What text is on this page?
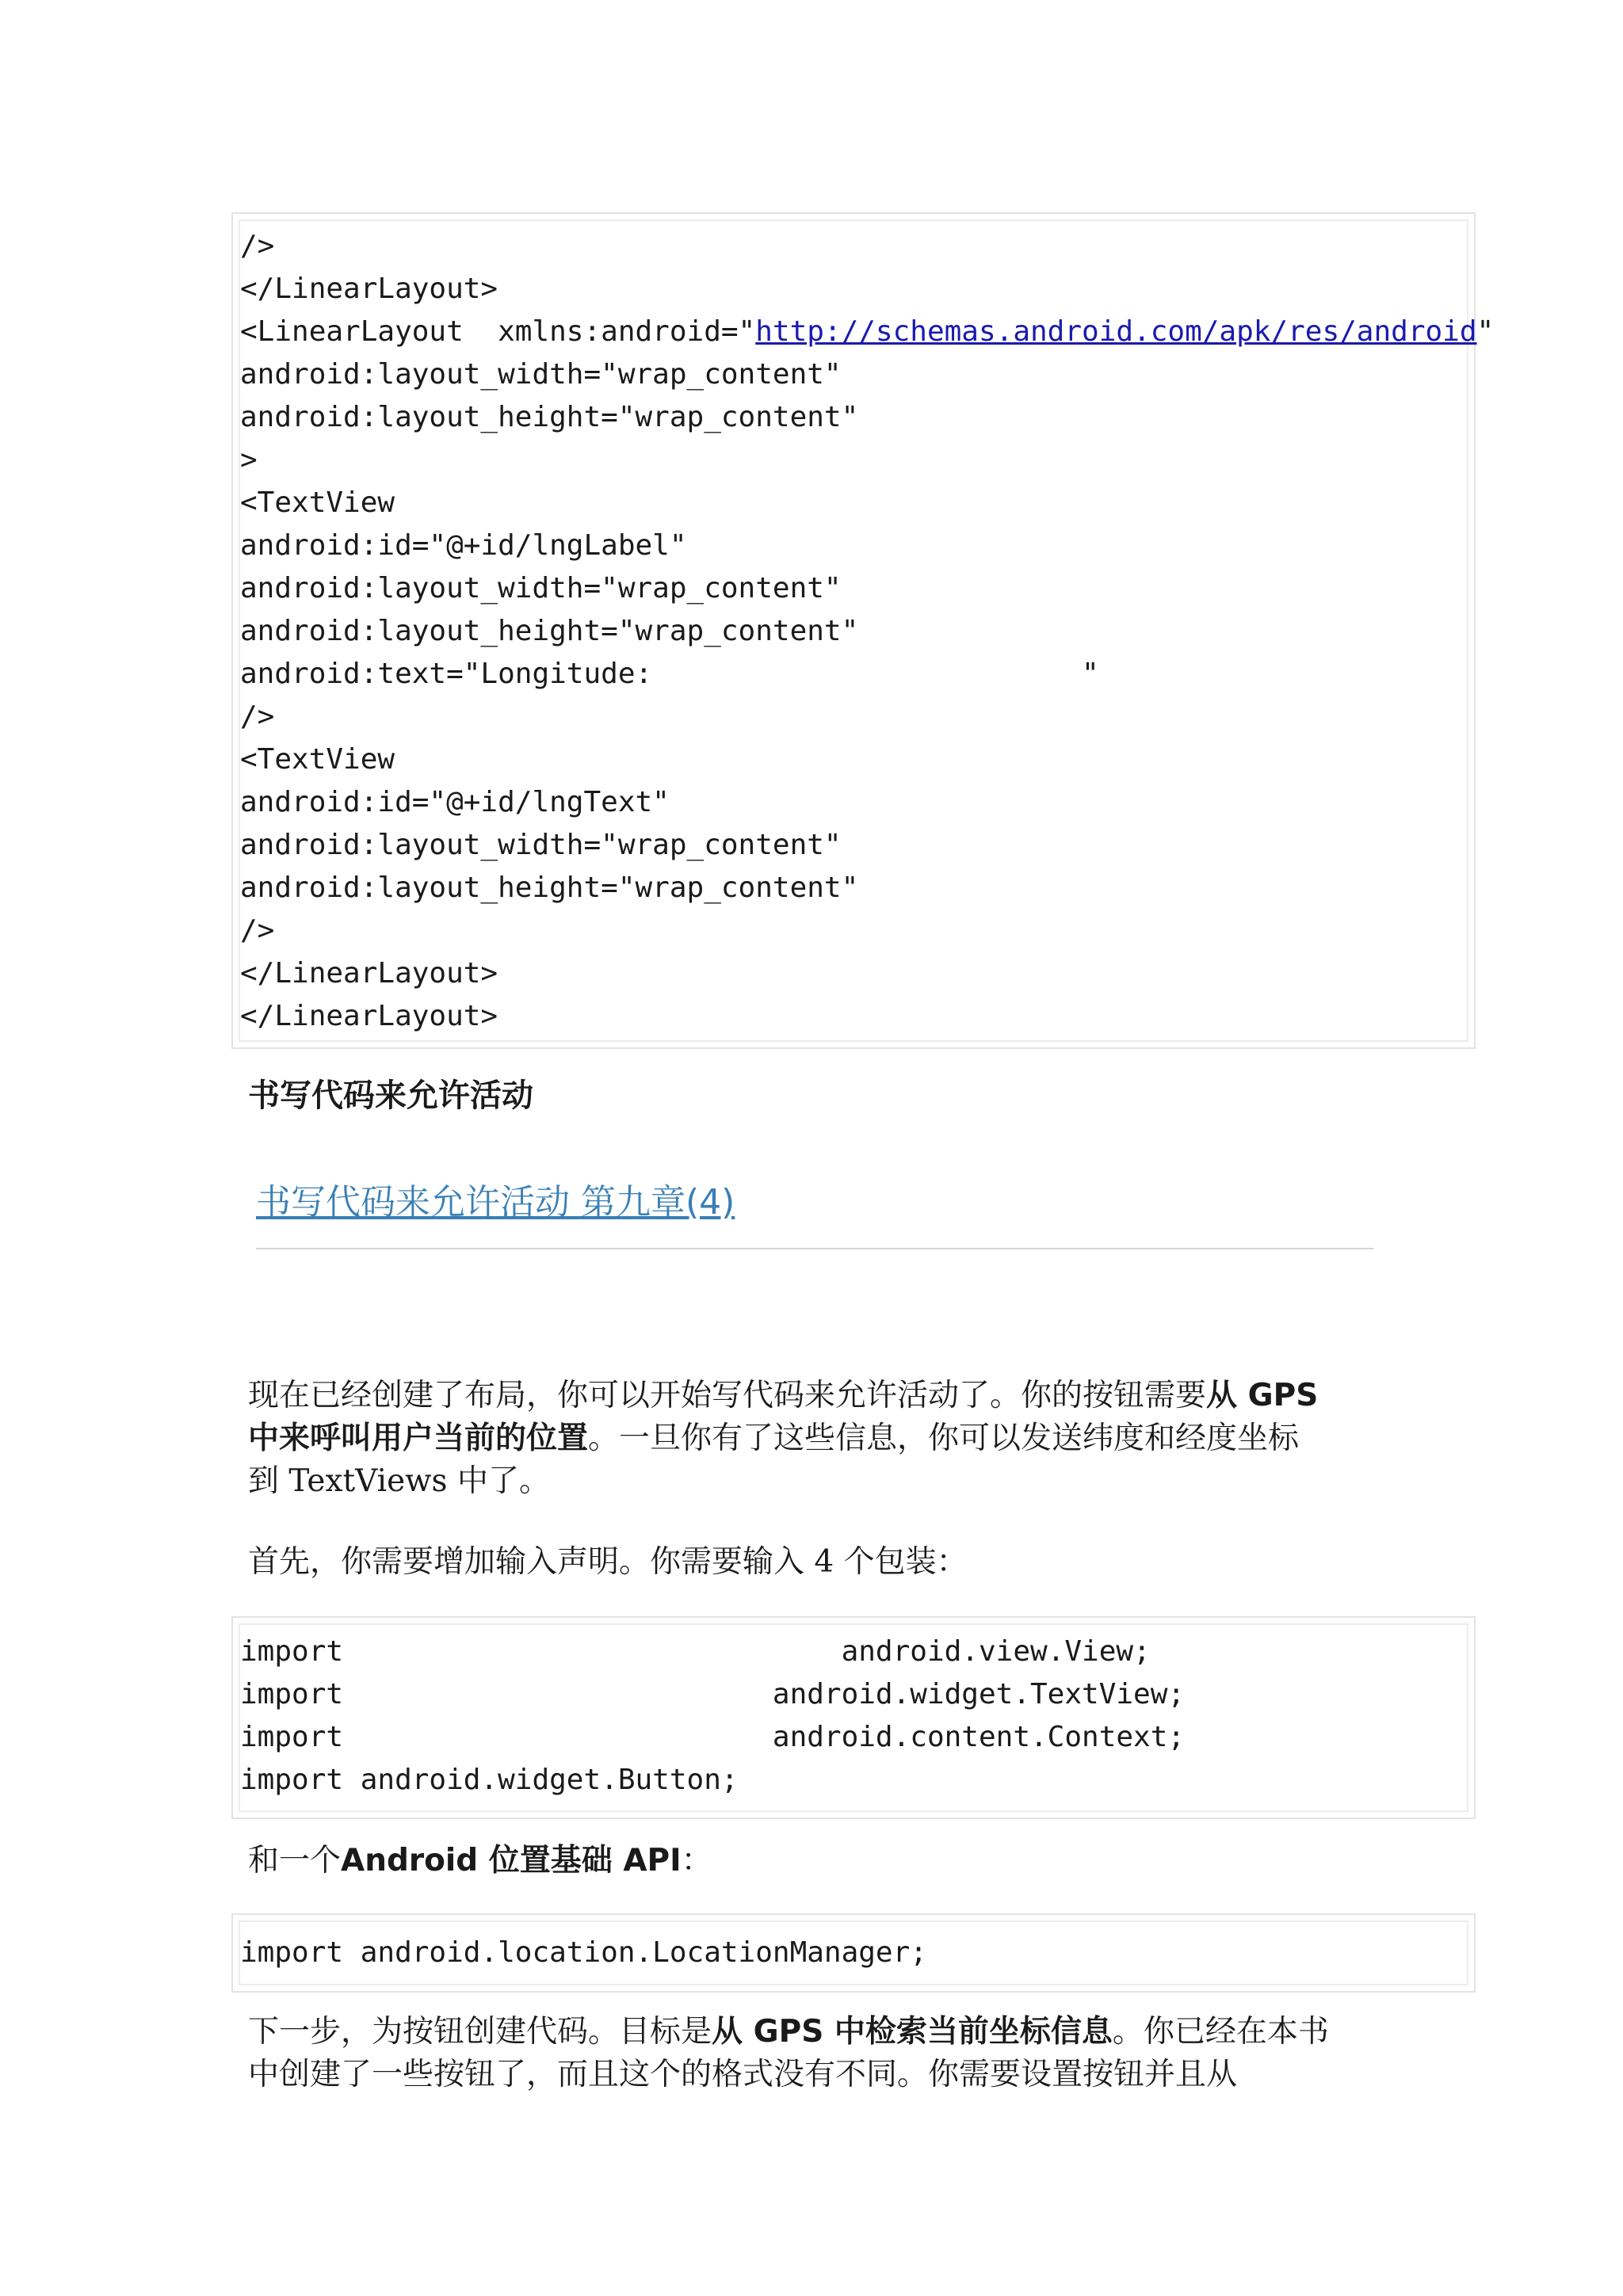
/>
</LinearLayout>
<LinearLayout  xmlns:android="http://schemas.android.com/apk/res/android"
android:layout_width="wrap_content"
android:layout_height="wrap_content"
>
<TextView
android:id="@+id/lngLabel"
android:layout_width="wrap_content"
android:layout_height="wrap_content"
android:text="Longitude:                         "
/>
<TextView
android:id="@+id/lngText"
android:layout_width="wrap_content"
android:layout_height="wrap_content"
/>
</LinearLayout>
</LinearLayout>
书写代码来允许活动
书写代码来允许活动 第九章(4)
现在已经创建了布局，你可以开始写代码来允许活动了。你的按钮需要从 GPS
中来呼叫用户当前的位置。一旦你有了这些信息，你可以发送纬度和经度坐标
到 TextViews 中了。
首先，你需要增加输入声明。你需要输入 4 个包装：
import                             android.view.View;
import                         android.widget.TextView;
import                         android.content.Context;
import android.widget.Button;
和一个Android 位置基础 API：
import android.location.LocationManager;
下一步，为按钮创建代码。目标是从 GPS 中检索当前坐标信息。你已经在本书
中创建了一些按钮了，而且这个的格式没有不同。你需要设置按钮并且从
